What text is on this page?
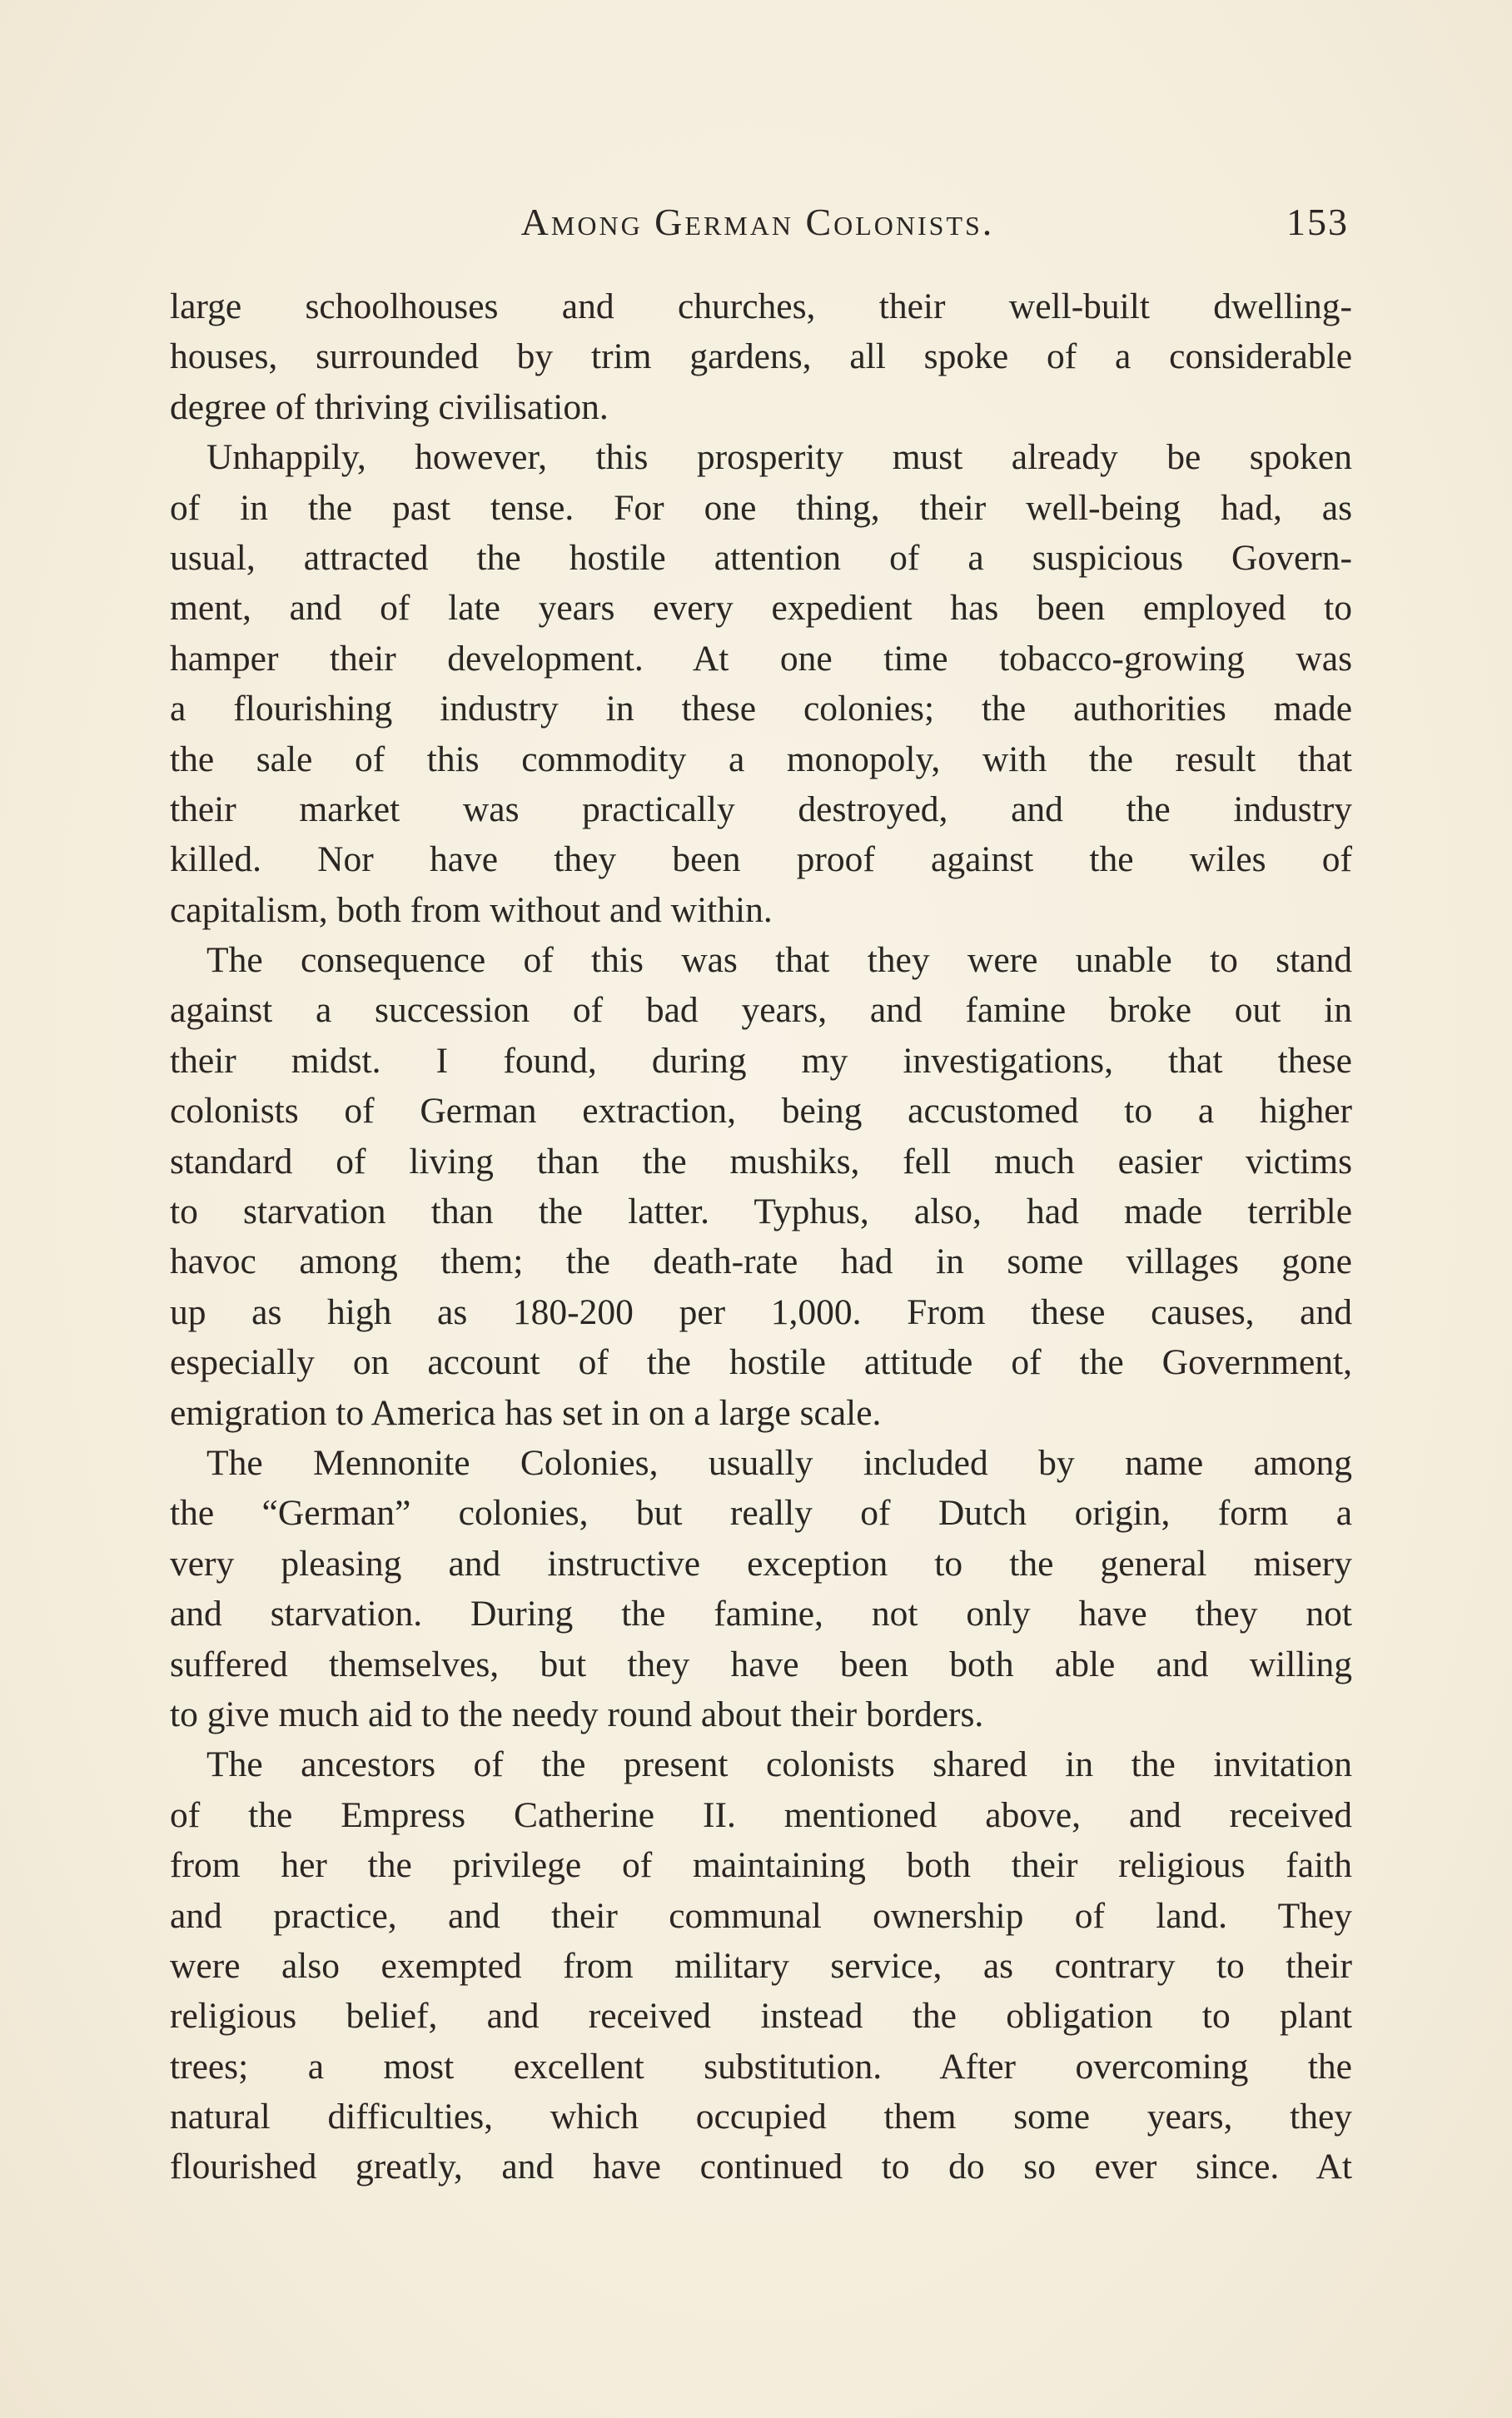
Among German Colonists.	153
large schoolhouses and churches, their well-built dwelling-
houses, surrounded by trim gardens, all spoke of a considerable
degree of thriving civilisation.
Unhappily, however, this prosperity must already be spoken
of in the past tense. For one thing, their well-being had, as
usual, attracted the hostile attention of a suspicious Govern-
ment, and of late years every expedient has been employed to
hamper their development. At one time tobacco-growing was
a flourishing industry in these colonies; the authorities made
the sale of this commodity a monopoly, with the result that
their market was practically destroyed, and the industry
killed. Nor have they been proof against the wiles of
capitalism, both from without and within.
The consequence of this was that they were unable to stand
against a succession of bad years, and famine broke out in
their midst. I found, during my investigations, that these
colonists of German extraction, being accustomed to a higher
standard of living than the mushiks, fell much easier victims
to starvation than the latter. Typhus, also, had made terrible
havoc among them; the death-rate had in some villages gone
up as high as 180-200 per 1,000. From these causes, and
especially on account of the hostile attitude of the Government,
emigration to America has set in on a large scale.
The Mennonite Colonies, usually included by name among
the “German” colonies, but really of Dutch origin, form a
very pleasing and instructive exception to the general misery
and starvation. During the famine, not only have they not
suffered themselves, but they have been both able and willing
to give much aid to the needy round about their borders.
The ancestors of the present colonists shared in the invitation
of the Empress Catherine II. mentioned above, and received
from her the privilege of maintaining both their religious faith
and practice, and their communal ownership of land. They
were also exempted from military service, as contrary to their
religious belief, and received instead the obligation to plant
trees; a most excellent substitution. After overcoming the
natural difficulties, which occupied them some years, they
flourished greatly, and have continued to do so ever since. At
